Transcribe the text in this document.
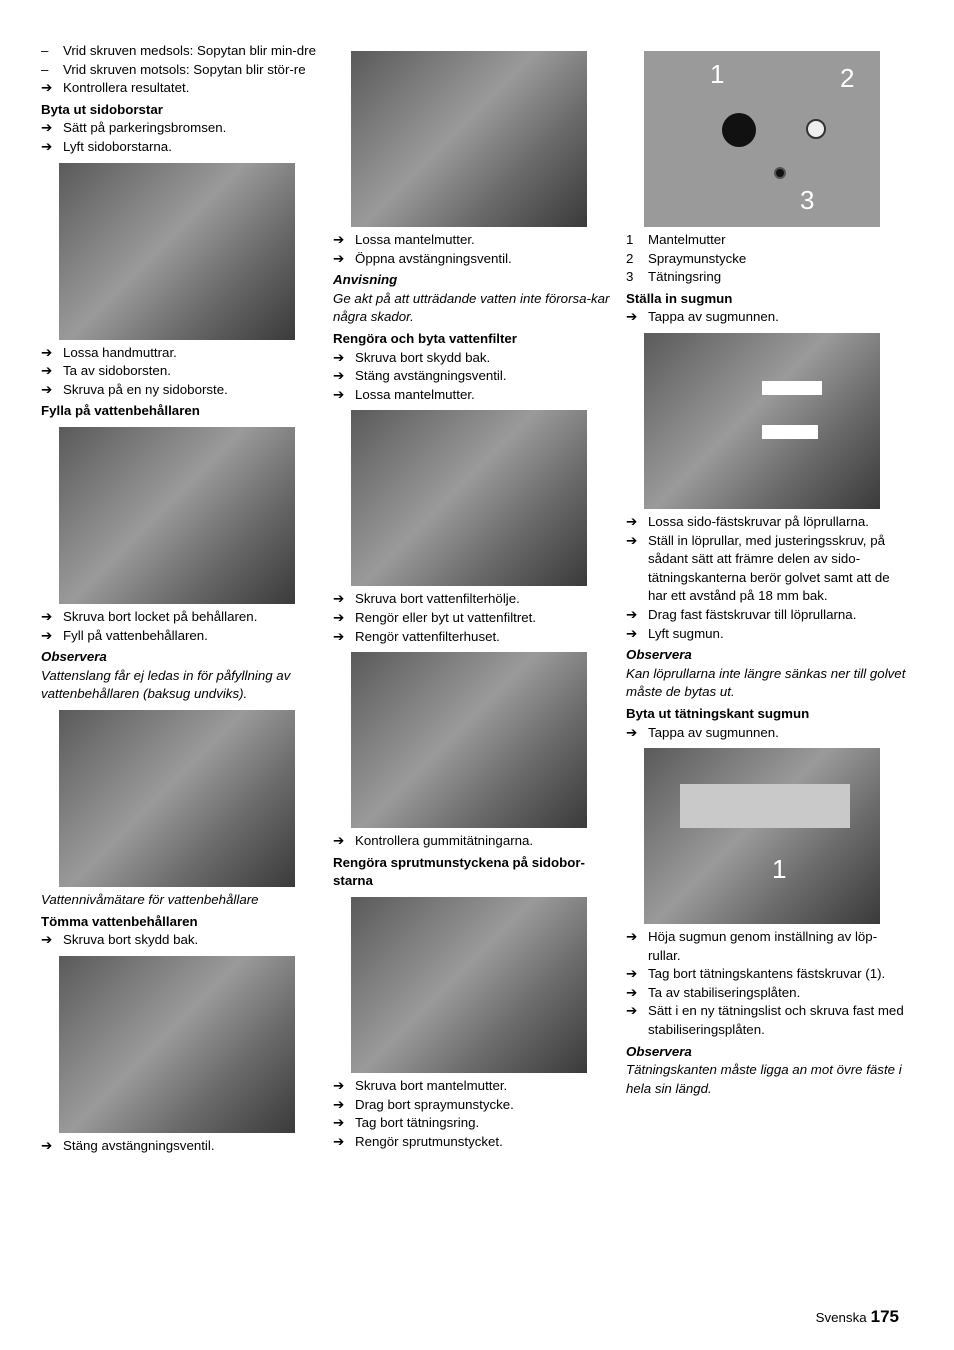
– Vrid skruven medsols: Sopytan blir min-dre
– Vrid skruven motsols: Sopytan blir stör-re
➔ Kontrollera resultatet.
Byta ut sidoborstar
➔ Sätt på parkeringsbromsen.
➔ Lyft sidoborstarna.
➔ Lossa handmuttrar.
➔ Ta av sidoborsten.
➔ Skruva på en ny sidoborste.
Fylla på vattenbehållaren
➔ Skruva bort locket på behållaren.
➔ Fyll på vattenbehållaren.
Observera
Vattenslang får ej ledas in för påfyllning av vattenbehållaren (baksug undviks).
Vattennivåmätare för vattenbehållare
Tömma vattenbehållaren
➔ Skruva bort skydd bak.
➔ Stäng avstängningsventil.
➔ Lossa mantelmutter.
➔ Öppna avstängningsventil.
Anvisning
Ge akt på att utträdande vatten inte förorsa-kar några skador.
Rengöra och byta vattenfilter
➔ Skruva bort skydd bak.
➔ Stäng avstängningsventil.
➔ Lossa mantelmutter.
➔ Skruva bort vattenfilterhölje.
➔ Rengör eller byt ut vattenfiltret.
➔ Rengör vattenfilterhuset.
➔ Kontrollera gummitätningarna.
Rengöra sprutmunstyckena på sidobor-starna
➔ Skruva bort mantelmutter.
➔ Drag bort spraymunstycke.
➔ Tag bort tätningsring.
➔ Rengör sprutmunstycket.
1	2
3
1 Mantelmutter
2 Spraymunstycke
3 Tätningsring
Ställa in sugmun
➔ Tappa av sugmunnen.
➔ Lossa sido-fästskruvar på löprullarna.
➔ Ställ in löprullar, med justeringsskruv, på sådant sätt att främre delen av sido-tätningskanterna berör golvet samt att de har ett avstånd på 18 mm bak.
➔ Drag fast fästskruvar till löprullarna.
➔ Lyft sugmun.
Observera
Kan löprullarna inte längre sänkas ner till golvet måste de bytas ut.
Byta ut tätningskant sugmun
➔ Tappa av sugmunnen.
1
➔ Höja sugmun genom inställning av löp-rullar.
➔ Tag bort tätningskantens fästskruvar (1).
➔ Ta av stabiliseringsplåten.
➔ Sätt i en ny tätningslist och skruva fast med stabiliseringsplåten.
Observera
Tätningskanten måste ligga an mot övre fäste i hela sin längd.
Svenska 175
